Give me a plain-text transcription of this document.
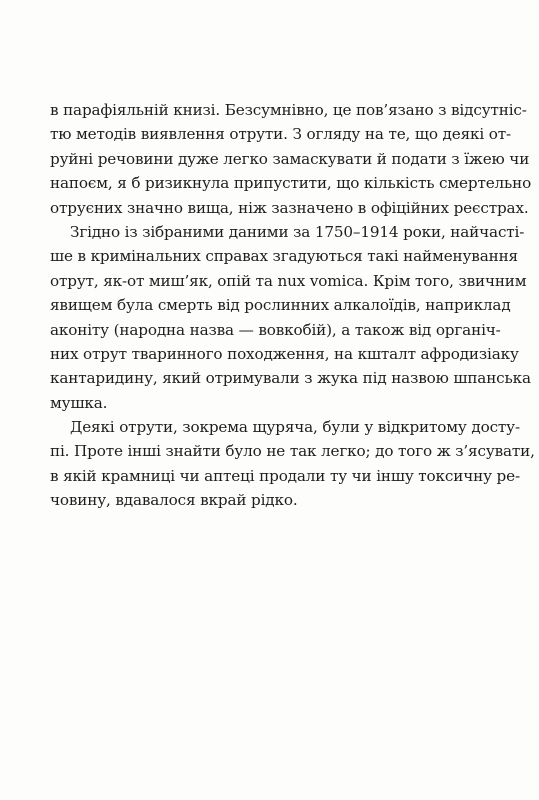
в парафіяльній книзі. Безсумнівно, це пов’язано з відсутніс-
тю методів виявлення отрути. З огляду на те, що деякі от-
руйні речовини дуже легко замаскувати й подати з їжею чи
напоєм, я б ризикнула припустити, що кількість смертельно
отруєних значно вища, ніж зазначено в офіційних реєстрах.
Згідно із зібраними даними за 1750–1914 роки, найчасті-
ше в кримінальних справах згадуються такі найменування
отрут, як-от миш’як, опій та nux vomica. Крім того, звичним
явищем була смерть від рослинних алкалоїдів, наприклад
аконіту (народна назва — вовкобій), а також від органіч-
них отрут тваринного походження, на кшталт афродизіаку
кантаридину, який отримували з жука під назвою шпанська
мушка.
Деякі отрути, зокрема щуряча, були у відкритому досту-
пі. Проте інші знайти було не так легко; до того ж з’ясувати,
в якій крамниці чи аптеці продали ту чи іншу токсичну ре-
човину, вдавалося вкрай рідко.
